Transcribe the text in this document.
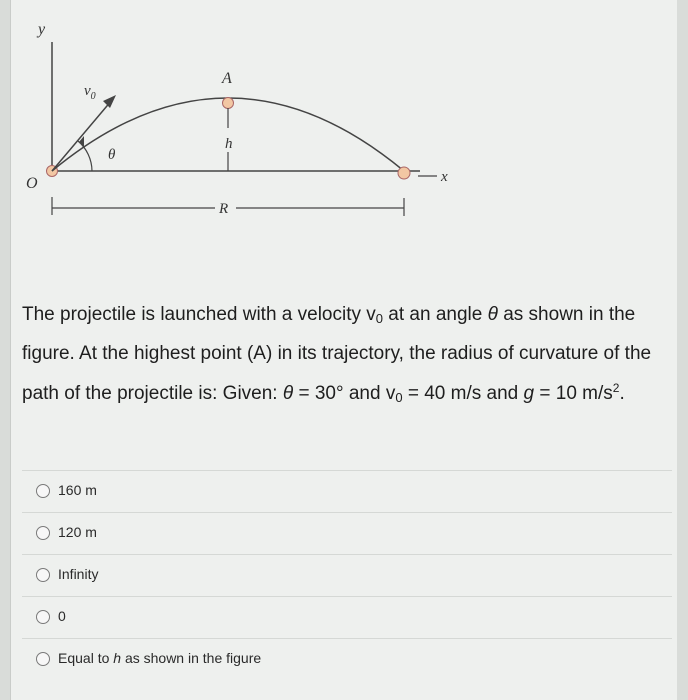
y
x
O
$v_0$
θ
A
h
R
The projectile is launched with a velocity $v_0$ at an angle θ as shown in the figure. At the highest point (A) in its trajectory, the radius of curvature of the path of the projectile is: Given: θ = 30° and $v_0 = 40$ m/s and g = 10 $m/s^2$.
160 m
120 m
Infinity
0
Equal to h as shown in the figure
